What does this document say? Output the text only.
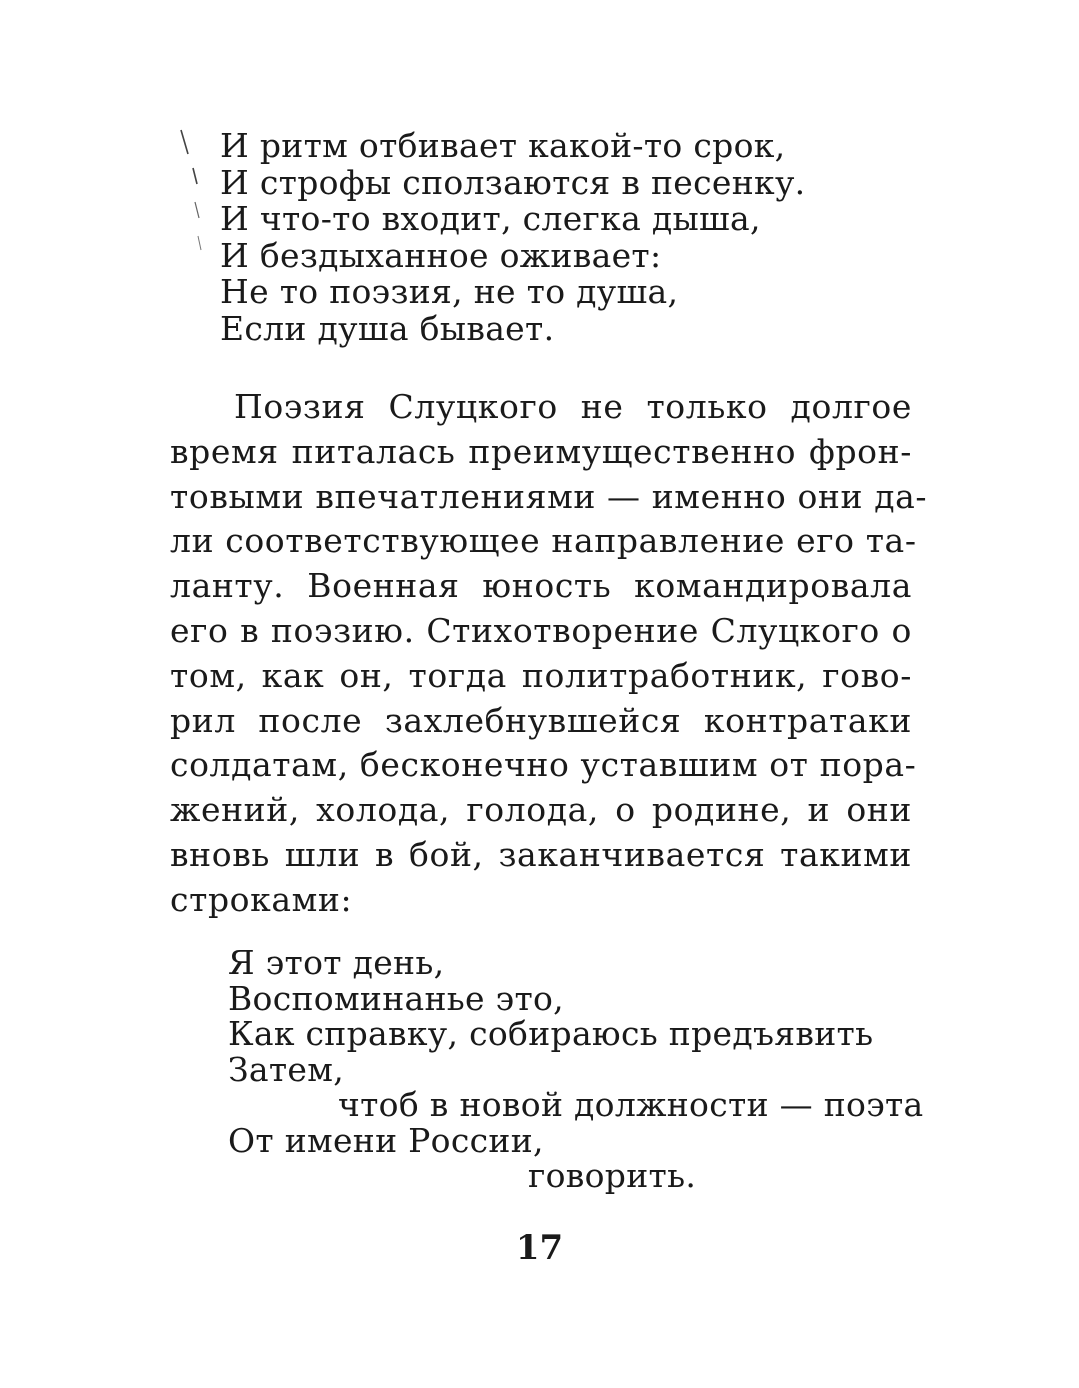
И ритм отбивает какой-то срок,
И строфы сползаются в песенку.
И что-то входит, слегка дыша,
И бездыханное оживает:
Не то поэзия, не то душа,
Если душа бывает.
Поэзия Слуцкого не только долгое
время питалась преимущественно фрон-
товыми впечатлениями — именно они да-
ли соответствующее направление его та-
ланту. Военная юность командировала
его в поэзию. Стихотворение Слуцкого о
том, как он, тогда политработник, гово-
рил после захлебнувшейся контратаки
солдатам, бесконечно уставшим от пора-
жений, холода, голода, о родине, и они
вновь шли в бой, заканчивается такими
строками:
Я этот день,
Воспоминанье это,
Как справку, собираюсь предъявить
Затем,
чтоб в новой должности — поэта
От имени России,
говорить.
17
